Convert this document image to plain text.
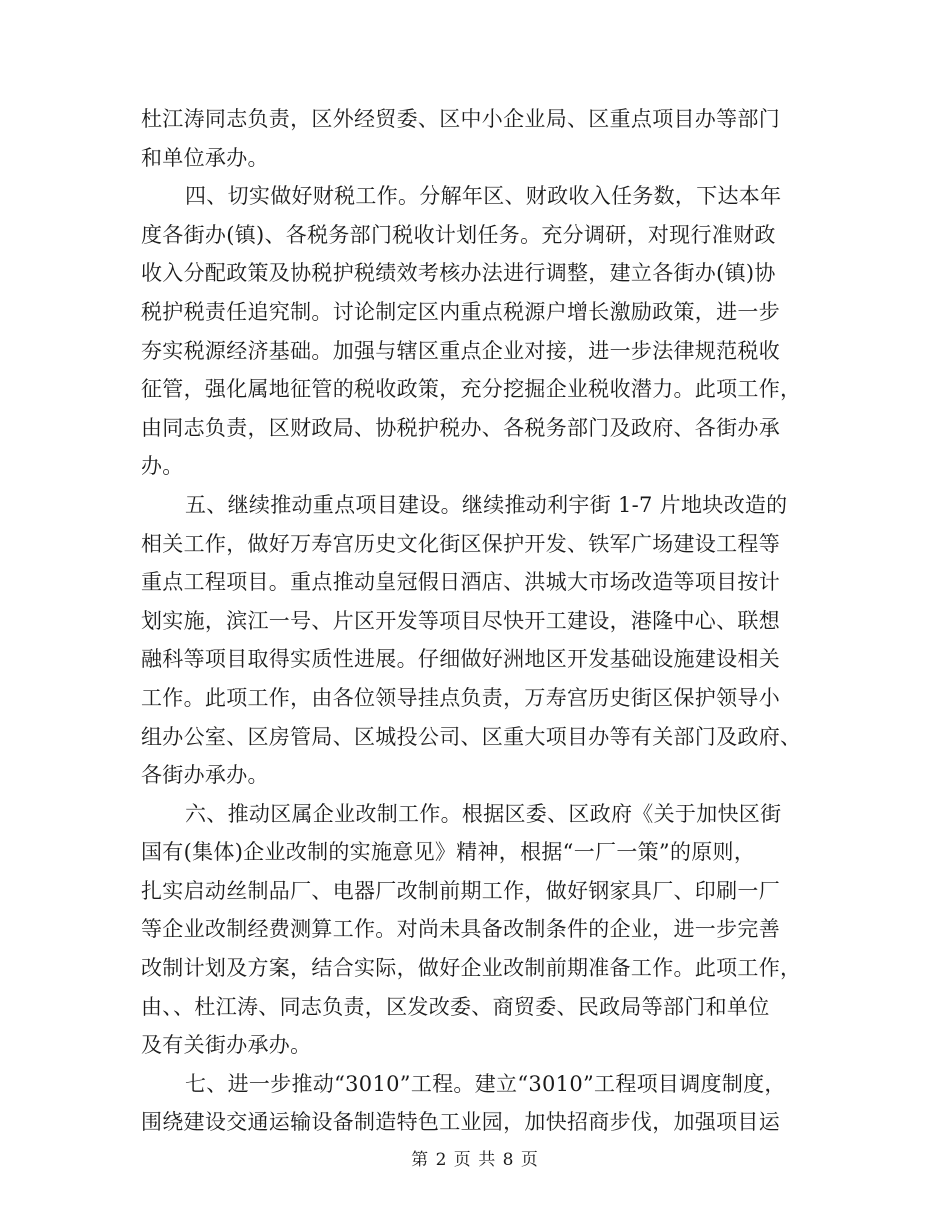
杜江涛同志负责，区外经贸委、区中小企业局、区重点项目办等部门
和单位承办。
四、切实做好财税工作。分解年区、财政收入任务数，下达本年
度各街办(镇)、各税务部门税收计划任务。充分调研，对现行准财政
收入分配政策及协税护税绩效考核办法进行调整，建立各街办(镇)协
税护税责任追究制。讨论制定区内重点税源户增长激励政策，进一步
夯实税源经济基础。加强与辖区重点企业对接，进一步法律规范税收
征管，强化属地征管的税收政策，充分挖掘企业税收潜力。此项工作，
由同志负责，区财政局、协税护税办、各税务部门及政府、各街办承
办。
五、继续推动重点项目建设。继续推动利宇街 1-7 片地块改造的
相关工作，做好万寿宫历史文化街区保护开发、铁军广场建设工程等
重点工程项目。重点推动皇冠假日酒店、洪城大市场改造等项目按计
划实施，滨江一号、片区开发等项目尽快开工建设，港隆中心、联想
融科等项目取得实质性进展。仔细做好洲地区开发基础设施建设相关
工作。此项工作，由各位领导挂点负责，万寿宫历史街区保护领导小
组办公室、区房管局、区城投公司、区重大项目办等有关部门及政府、
各街办承办。
六、推动区属企业改制工作。根据区委、区政府《关于加快区街
国有(集体)企业改制的实施意见》精神，根据“一厂一策”的原则，
扎实启动丝制品厂、电器厂改制前期工作，做好钢家具厂、印刷一厂
等企业改制经费测算工作。对尚未具备改制条件的企业，进一步完善
改制计划及方案，结合实际，做好企业改制前期准备工作。此项工作，
由、、杜江涛、同志负责，区发改委、商贸委、民政局等部门和单位
及有关街办承办。
七、进一步推动“3010”工程。建立“3010”工程项目调度制度，
围绕建设交通运输设备制造特色工业园，加快招商步伐，加强项目运
第 2 页 共 8 页
